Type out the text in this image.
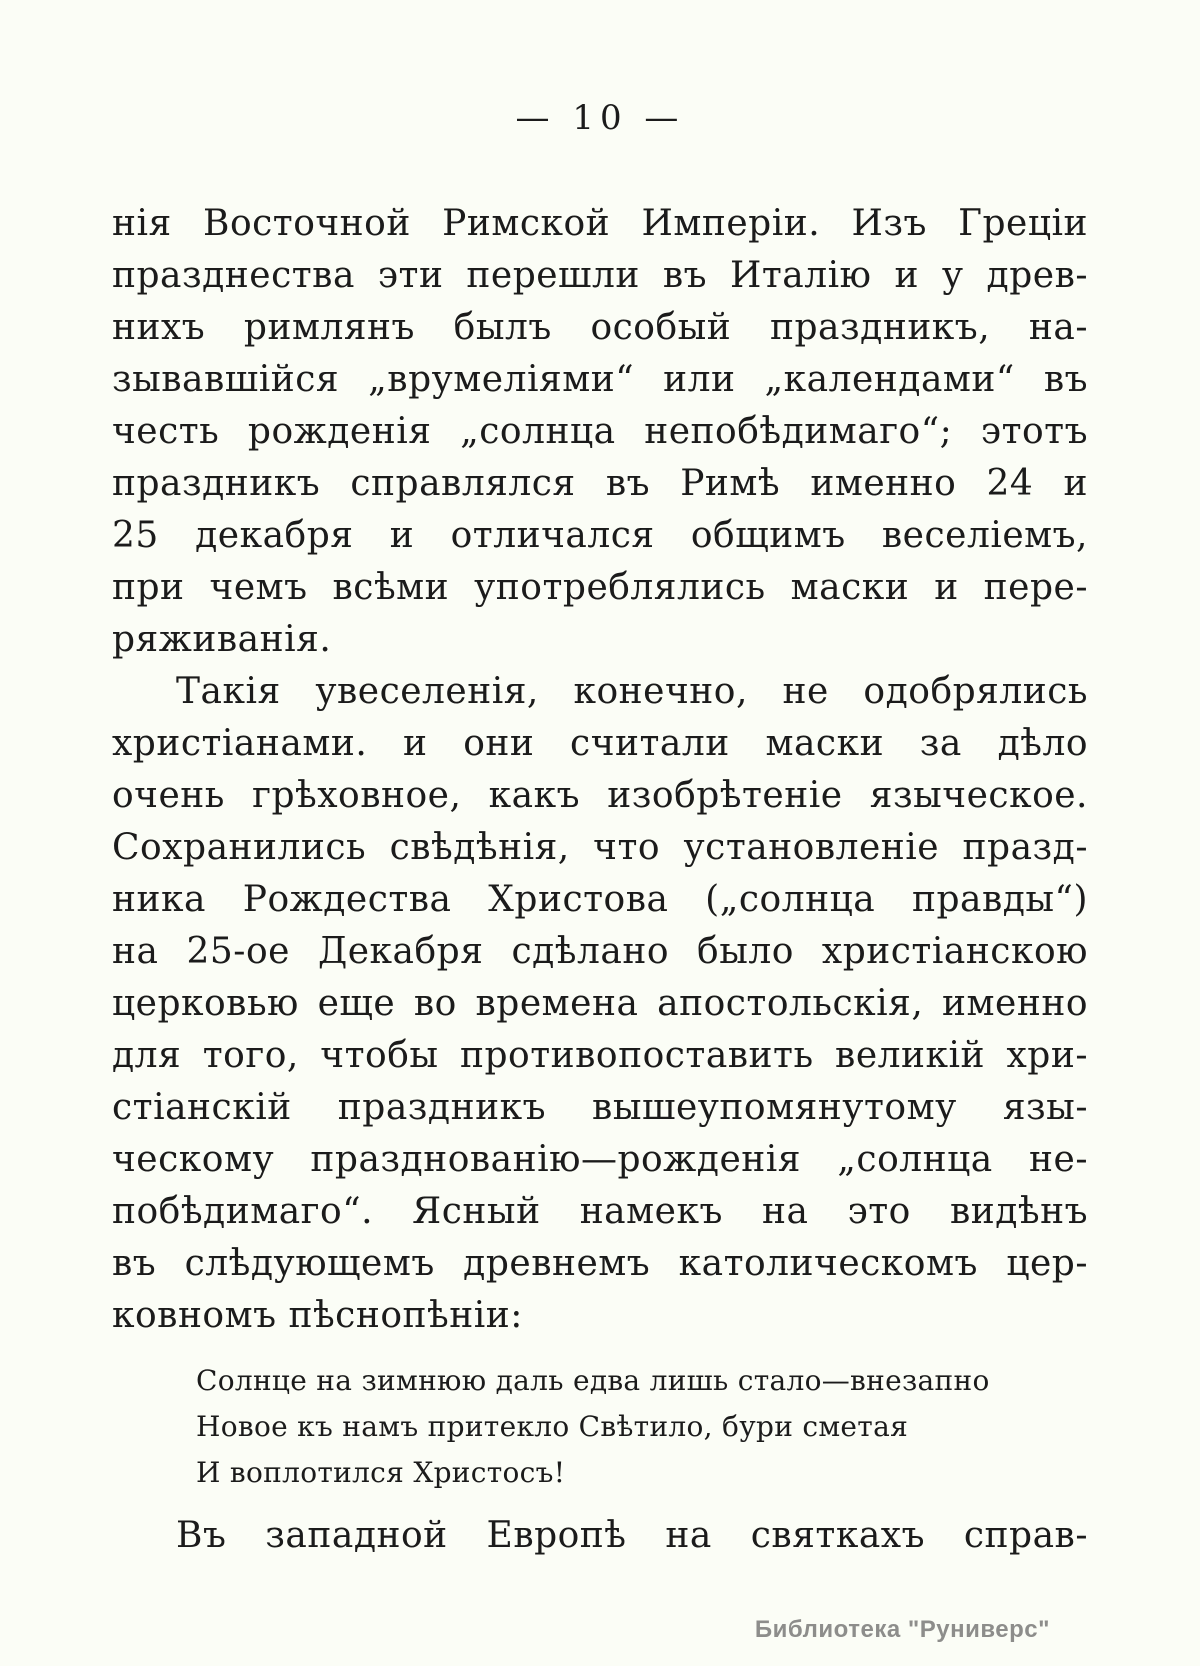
— 10 —
нія Восточной Римской Имперіи. Изъ Греціи
празднества эти перешли въ Италію и у древ-
нихъ римлянъ былъ особый праздникъ, на-
зывавшійся „врумеліями“ или „календами“ въ
честь рожденія „солнца непобѣдимаго“; этотъ
праздникъ справлялся въ Римѣ именно 24 и
25 декабря и отличался общимъ веселіемъ,
при чемъ всѣми употреблялись маски и пере-
ряживанія.
Такія увеселенія, конечно, не одобрялись
христіанами. и они считали маски за дѣло
очень грѣховное, какъ изобрѣтеніе языческое.
Сохранились свѣдѣнія, что установленіе празд-
ника Рождества Христова („солнца правды“)
на 25-ое Декабря сдѣлано было христіанскою
церковью еще во времена апостольскія, именно
для того, чтобы противопоставить великій хри-
стіанскій праздникъ вышеупомянутому язы-
ческому празднованію—рожденія „солнца не-
побѣдимаго“. Ясный намекъ на это видѣнъ
въ слѣдующемъ древнемъ католическомъ цер-
ковномъ пѣснопѣніи:
Солнце на зимнюю даль едва лишь стало—внезапно
Новое къ намъ притекло Свѣтило, бури сметая
И воплотился Христосъ!
Въ западной Европѣ на святкахъ справ-
Библиотека "Руниверс"
